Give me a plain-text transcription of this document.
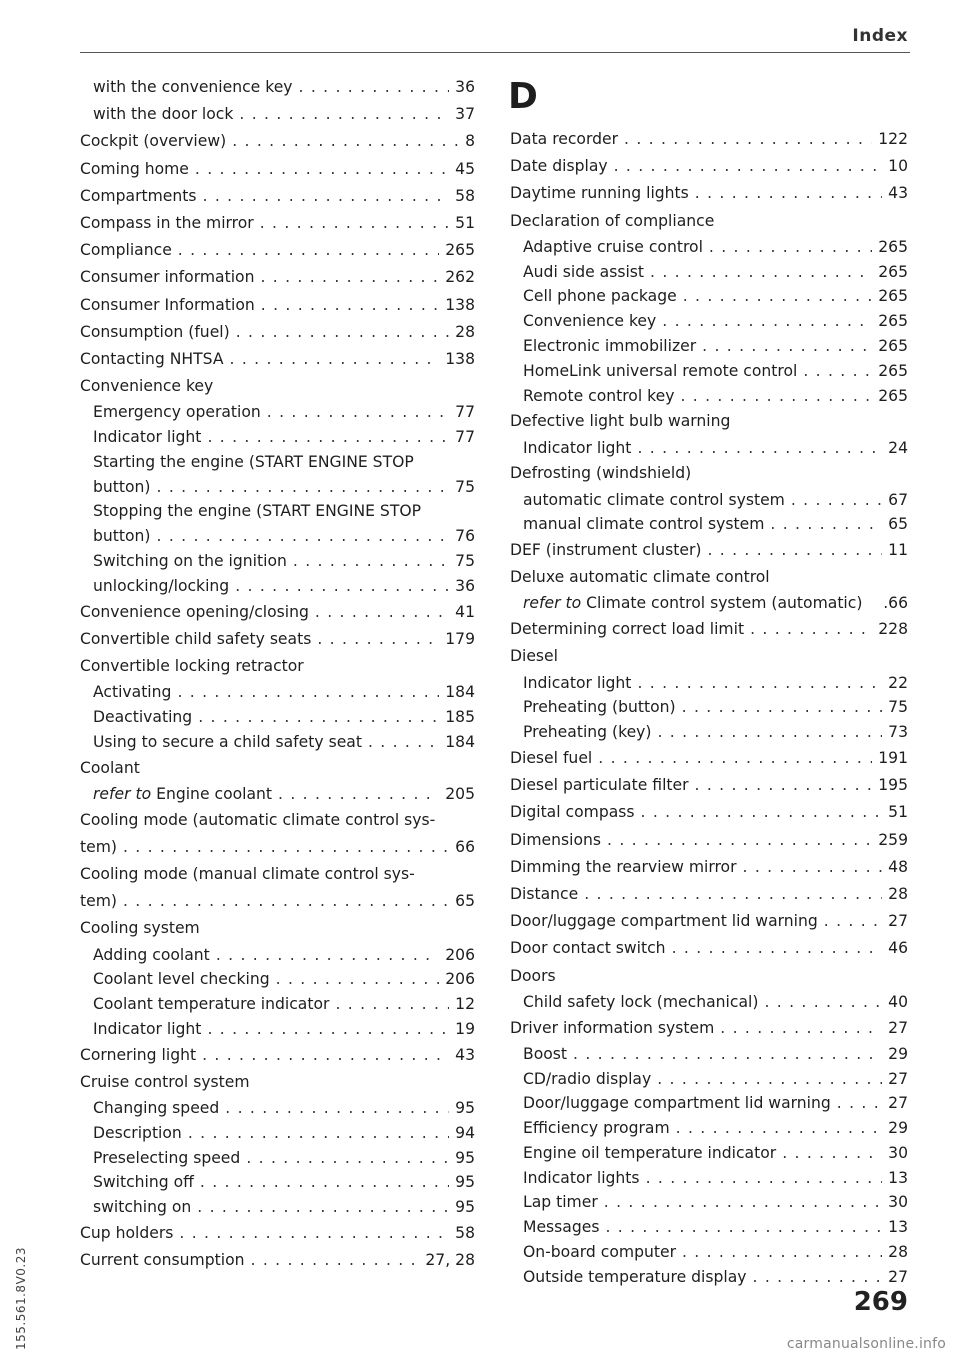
Index
with the convenience key . . .	36
with the door lock . . .	37
Cockpit (overview) . . .	8
Coming home . . .	45
Compartments . . .	58
Compass in the mirror . . .	51
Compliance . . .	265
Consumer information . . .	262
Consumer Information . . .	138
Consumption (fuel) . . .	28
Contacting NHTSA . . .	138
Convenience key
Emergency operation . . .	77
Indicator light . . .	77
Starting the engine (START ENGINE STOP
button) . . .	75
Stopping the engine (START ENGINE STOP
button) . . .	76
Switching on the ignition . . .	75
unlocking/locking . . .	36
Convenience opening/closing . . .	41
Convertible child safety seats . . .	179
Convertible locking retractor
Activating . . .	184
Deactivating . . .	185
Using to secure a child safety seat . . .	184
Coolant
refer to Engine coolant . . .	205
Cooling mode (automatic climate control sys-
tem) . . .	66
Cooling mode (manual climate control sys-
tem) . . .	65
Cooling system
Adding coolant . . .	206
Coolant level checking . . .	206
Coolant temperature indicator . . .	12
Indicator light . . .	19
Cornering light . . .	43
Cruise control system
Changing speed . . .	95
Description . . .	94
Preselecting speed . . .	95
Switching off . . .	95
switching on . . .	95
Cup holders . . .	58
Current consumption . . .	27, 28
D
Data recorder . . .	122
Date display . . .	10
Daytime running lights . . .	43
Declaration of compliance
Adaptive cruise control . . .	265
Audi side assist . . .	265
Cell phone package . . .	265
Convenience key . . .	265
Electronic immobilizer . . .	265
HomeLink universal remote control . . .	265
Remote control key . . .	265
Defective light bulb warning
Indicator light . . .	24
Defrosting (windshield)
automatic climate control system . . .	67
manual climate control system . . .	65
DEF (instrument cluster) . . .	11
Deluxe automatic climate control
refer to Climate control system (automatic) .66
Determining correct load limit . . .	228
Diesel
Indicator light . . .	22
Preheating (button) . . .	75
Preheating (key) . . .	73
Diesel fuel . . .	191
Diesel particulate filter . . .	195
Digital compass . . .	51
Dimensions . . .	259
Dimming the rearview mirror . . .	48
Distance . . .	28
Door/luggage compartment lid warning . . .	27
Door contact switch . . .	46
Doors
Child safety lock (mechanical) . . .	40
Driver information system . . .	27
Boost . . .	29
CD/radio display . . .	27
Door/luggage compartment lid warning . . .	27
Efficiency program . . .	29
Engine oil temperature indicator . . .	30
Indicator lights . . .	13
Lap timer . . .	30
Messages . . .	13
On-board computer . . .	28
Outside temperature display . . .	27
155.561.8V0.23	269
carmanualsonline.info
